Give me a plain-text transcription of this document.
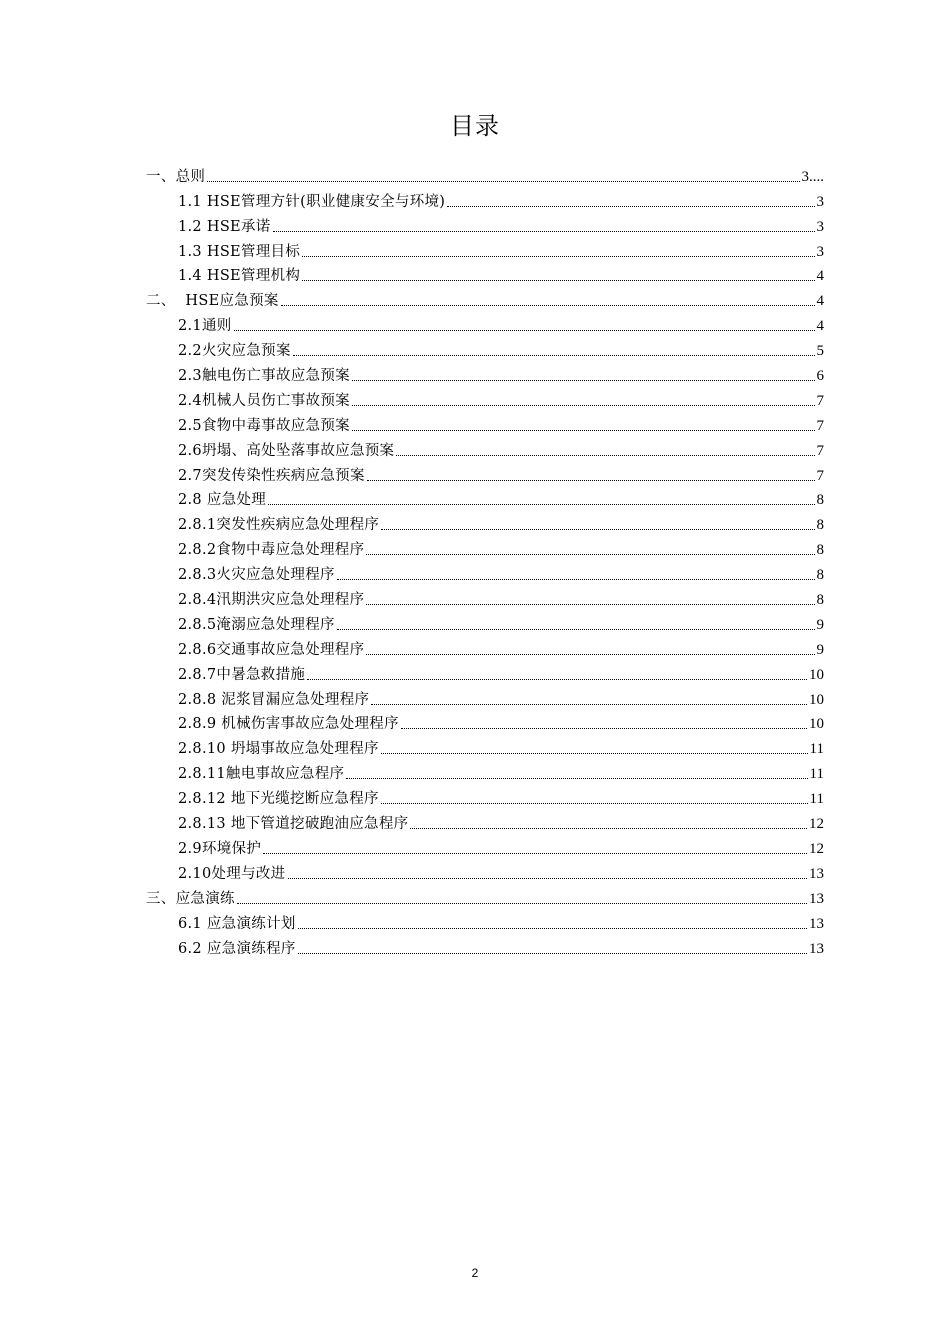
目录
一、总则	3....
1.1 HSE管理方针(职业健康安全与环境)	3
1.2 HSE承诺	3
1.3 HSE管理目标	3
1.4 HSE管理机构	4
二、  HSE应急预案	4
2.1通则	4
2.2火灾应急预案	5
2.3触电伤亡事故应急预案	6
2.4机械人员伤亡事故预案	7
2.5食物中毒事故应急预案	7
2.6坍塌、高处坠落事故应急预案	7
2.7突发传染性疾病应急预案	7
2.8 应急处理	8
2.8.1突发性疾病应急处理程序	8
2.8.2食物中毒应急处理程序	8
2.8.3火灾应急处理程序	8
2.8.4汛期洪灾应急处理程序	8
2.8.5淹溺应急处理程序	9
2.8.6交通事故应急处理程序	9
2.8.7中暑急救措施	10
2.8.8 泥浆冒漏应急处理程序	10
2.8.9 机械伤害事故应急处理程序	10
2.8.10 坍塌事故应急处理程序	11
2.8.11触电事故应急程序	11
2.8.12 地下光缆挖断应急程序	11
2.8.13 地下管道挖破跑油应急程序	12
2.9环境保护	12
2.10处理与改进	13
三、应急演练	13
6.1 应急演练计划	13
6.2 应急演练程序	13
2
